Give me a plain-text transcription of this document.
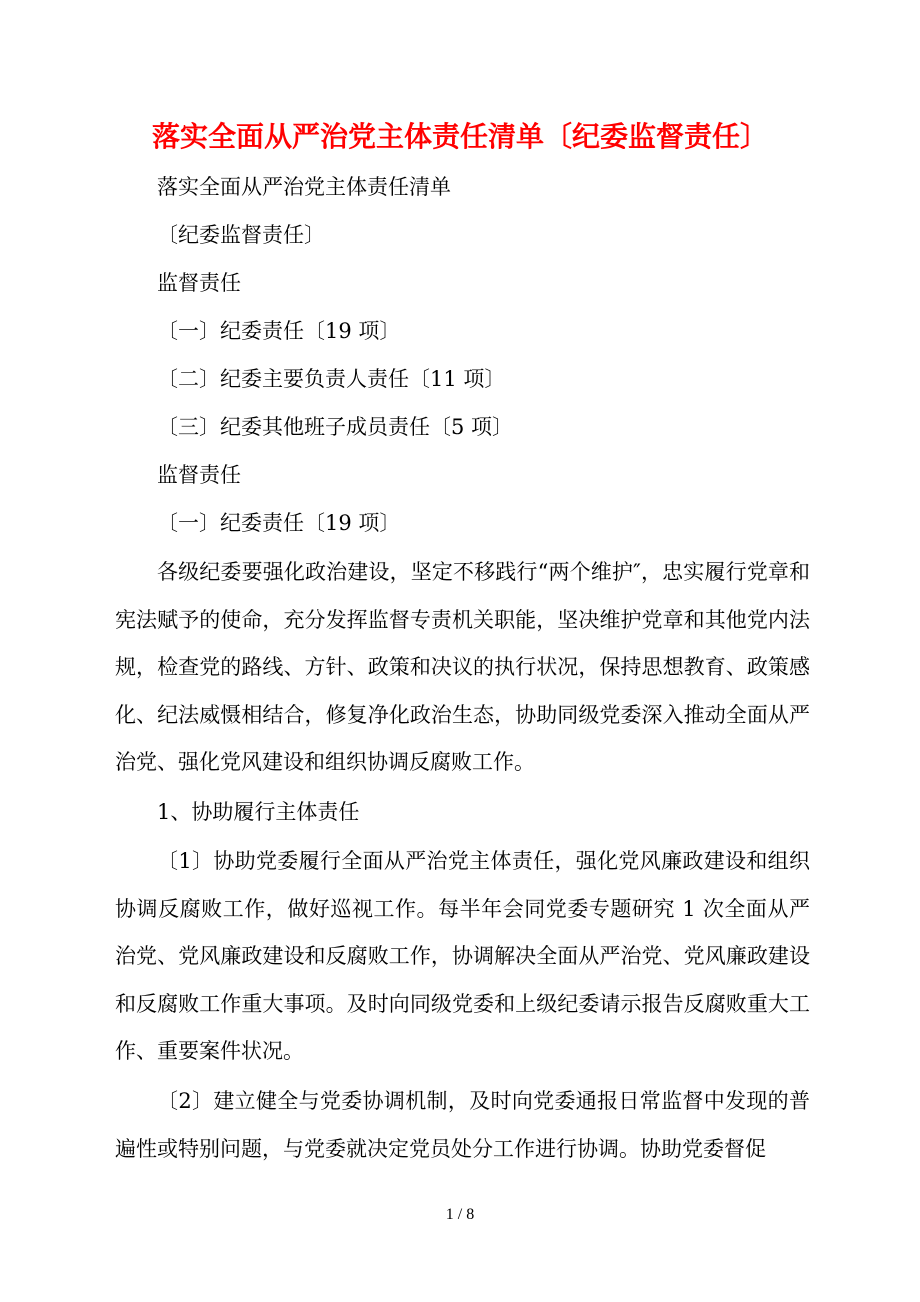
落实全面从严治党主体责任清单〔纪委监督责任〕
落实全面从严治党主体责任清单
〔纪委监督责任〕
监督责任
〔一〕纪委责任〔19 项〕
〔二〕纪委主要负责人责任〔11 项〕
〔三〕纪委其他班子成员责任〔5 项〕
监督责任
〔一〕纪委责任〔19 项〕

各级纪委要强化政治建设，坚定不移践行“两个维护″，忠实履行党章和宪法赋予的使命，充分发挥监督专责机关职能，坚决维护党章和其他党内法规，检查党的路线、方针、政策和决议的执行状况，保持思想教育、政策感化、纪法威慑相结合，修复净化政治生态，协助同级党委深入推动全面从严治党、强化党风建设和组织协调反腐败工作。

1、协助履行主体责任

〔1〕协助党委履行全面从严治党主体责任，强化党风廉政建设和组织协调反腐败工作，做好巡视工作。每半年会同党委专题研究 1 次全面从严治党、党风廉政建设和反腐败工作，协调解决全面从严治党、党风廉政建设和反腐败工作重大事项。及时向同级党委和上级纪委请示报告反腐败重大工作、重要案件状况。

〔2〕建立健全与党委协调机制，及时向党委通报日常监督中发现的普遍性或特别问题，与党委就决定党员处分工作进行协调。协助党委督促

1 / 8
